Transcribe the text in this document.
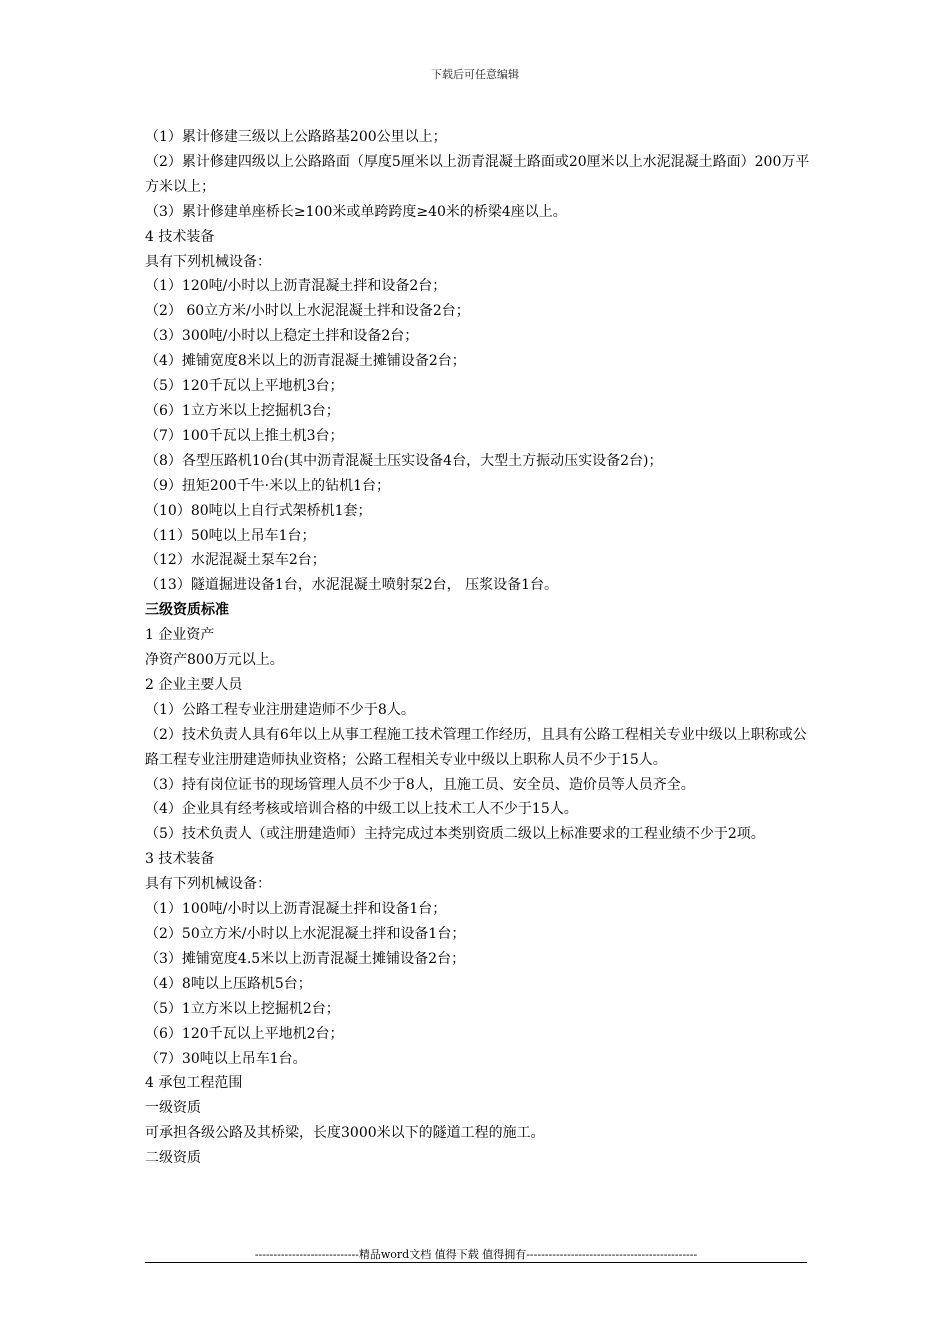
下载后可任意编辑

（1）累计修建三级以上公路路基200公里以上；

（2）累计修建四级以上公路路面（厚度5厘米以上沥青混凝土路面或20厘米以上水泥混凝土路面）200万平方米以上；

（3）累计修建单座桥长≥100米或单跨跨度≥40米的桥梁4座以上。

4 技术装备

具有下列机械设备：

（1）120吨/小时以上沥青混凝土拌和设备2台；

（2） 60立方米/小时以上水泥混凝土拌和设备2台；

（3）300吨/小时以上稳定土拌和设备2台；

（4）摊铺宽度8米以上的沥青混凝土摊铺设备2台；

（5）120千瓦以上平地机3台；

（6）1立方米以上挖掘机3台；

（7）100千瓦以上推土机3台；

（8）各型压路机10台(其中沥青混凝土压实设备4台，大型土方振动压实设备2台)；

（9）扭矩200千牛·米以上的钻机1台；

（10）80吨以上自行式架桥机1套；

（11）50吨以上吊车1台；

（12）水泥混凝土泵车2台；

（13）隧道掘进设备1台，水泥混凝土喷射泵2台， 压浆设备1台。

三级资质标准

1 企业资产

净资产800万元以上。

2 企业主要人员

（1）公路工程专业注册建造师不少于8人。

（2）技术负责人具有6年以上从事工程施工技术管理工作经历，且具有公路工程相关专业中级以上职称或公路工程专业注册建造师执业资格；公路工程相关专业中级以上职称人员不少于15人。

（3）持有岗位证书的现场管理人员不少于8人，且施工员、安全员、造价员等人员齐全。

（4）企业具有经考核或培训合格的中级工以上技术工人不少于15人。

（5）技术负责人（或注册建造师）主持完成过本类别资质二级以上标准要求的工程业绩不少于2项。

3 技术装备

具有下列机械设备：

（1）100吨/小时以上沥青混凝土拌和设备1台；

（2）50立方米/小时以上水泥混凝土拌和设备1台；

（3）摊铺宽度4.5米以上沥青混凝土摊铺设备2台；

（4）8吨以上压路机5台；

（5）1立方米以上挖掘机2台；

（6）120千瓦以上平地机2台；

（7）30吨以上吊车1台。

4 承包工程范围

一级资质

可承担各级公路及其桥梁，长度3000米以下的隧道工程的施工。

二级资质

----------------------------精品word文档 值得下载 值得拥有----------------------------------------------
